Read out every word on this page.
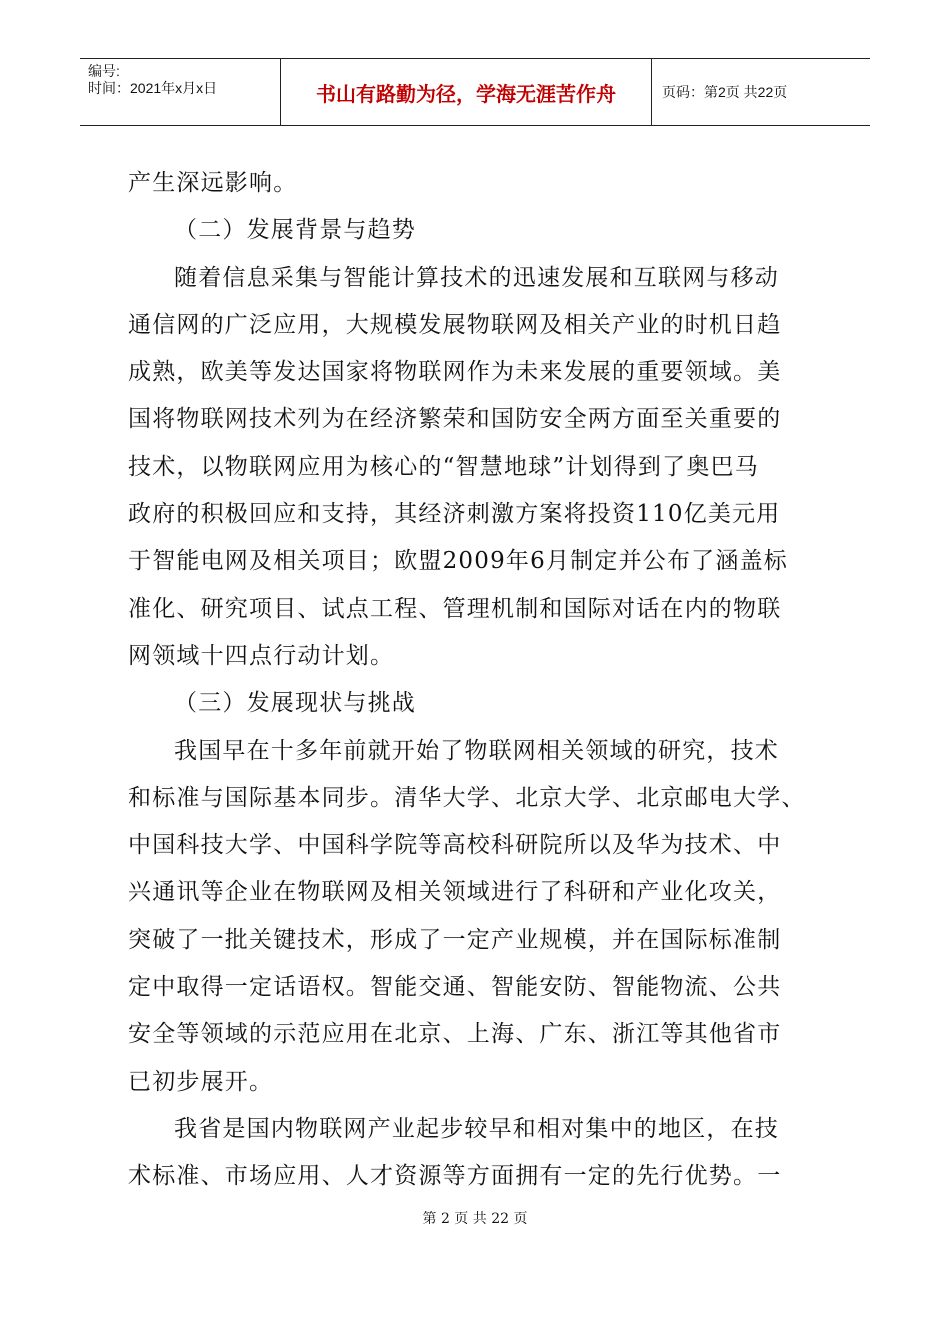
编号:
时间：2021年x月x日	书山有路勤为径，学海无涯苦作舟	页码：第2页 共22页
产生深远影响。
（二）发展背景与趋势
随着信息采集与智能计算技术的迅速发展和互联网与移动
通信网的广泛应用，大规模发展物联网及相关产业的时机日趋
成熟，欧美等发达国家将物联网作为未来发展的重要领域。美
国将物联网技术列为在经济繁荣和国防安全两方面至关重要的
技术，以物联网应用为核心的“智慧地球”计划得到了奥巴马
政府的积极回应和支持，其经济刺激方案将投资110亿美元用
于智能电网及相关项目；欧盟2009年6月制定并公布了涵盖标
准化、研究项目、试点工程、管理机制和国际对话在内的物联
网领域十四点行动计划。
（三）发展现状与挑战
我国早在十多年前就开始了物联网相关领域的研究，技术
和标准与国际基本同步。清华大学、北京大学、北京邮电大学、
中国科技大学、中国科学院等高校科研院所以及华为技术、中
兴通讯等企业在物联网及相关领域进行了科研和产业化攻关，
突破了一批关键技术，形成了一定产业规模，并在国际标准制
定中取得一定话语权。智能交通、智能安防、智能物流、公共
安全等领域的示范应用在北京、上海、广东、浙江等其他省市
已初步展开。
我省是国内物联网产业起步较早和相对集中的地区，在技
术标准、市场应用、人才资源等方面拥有一定的先行优势。一
第 2 页 共 22 页
